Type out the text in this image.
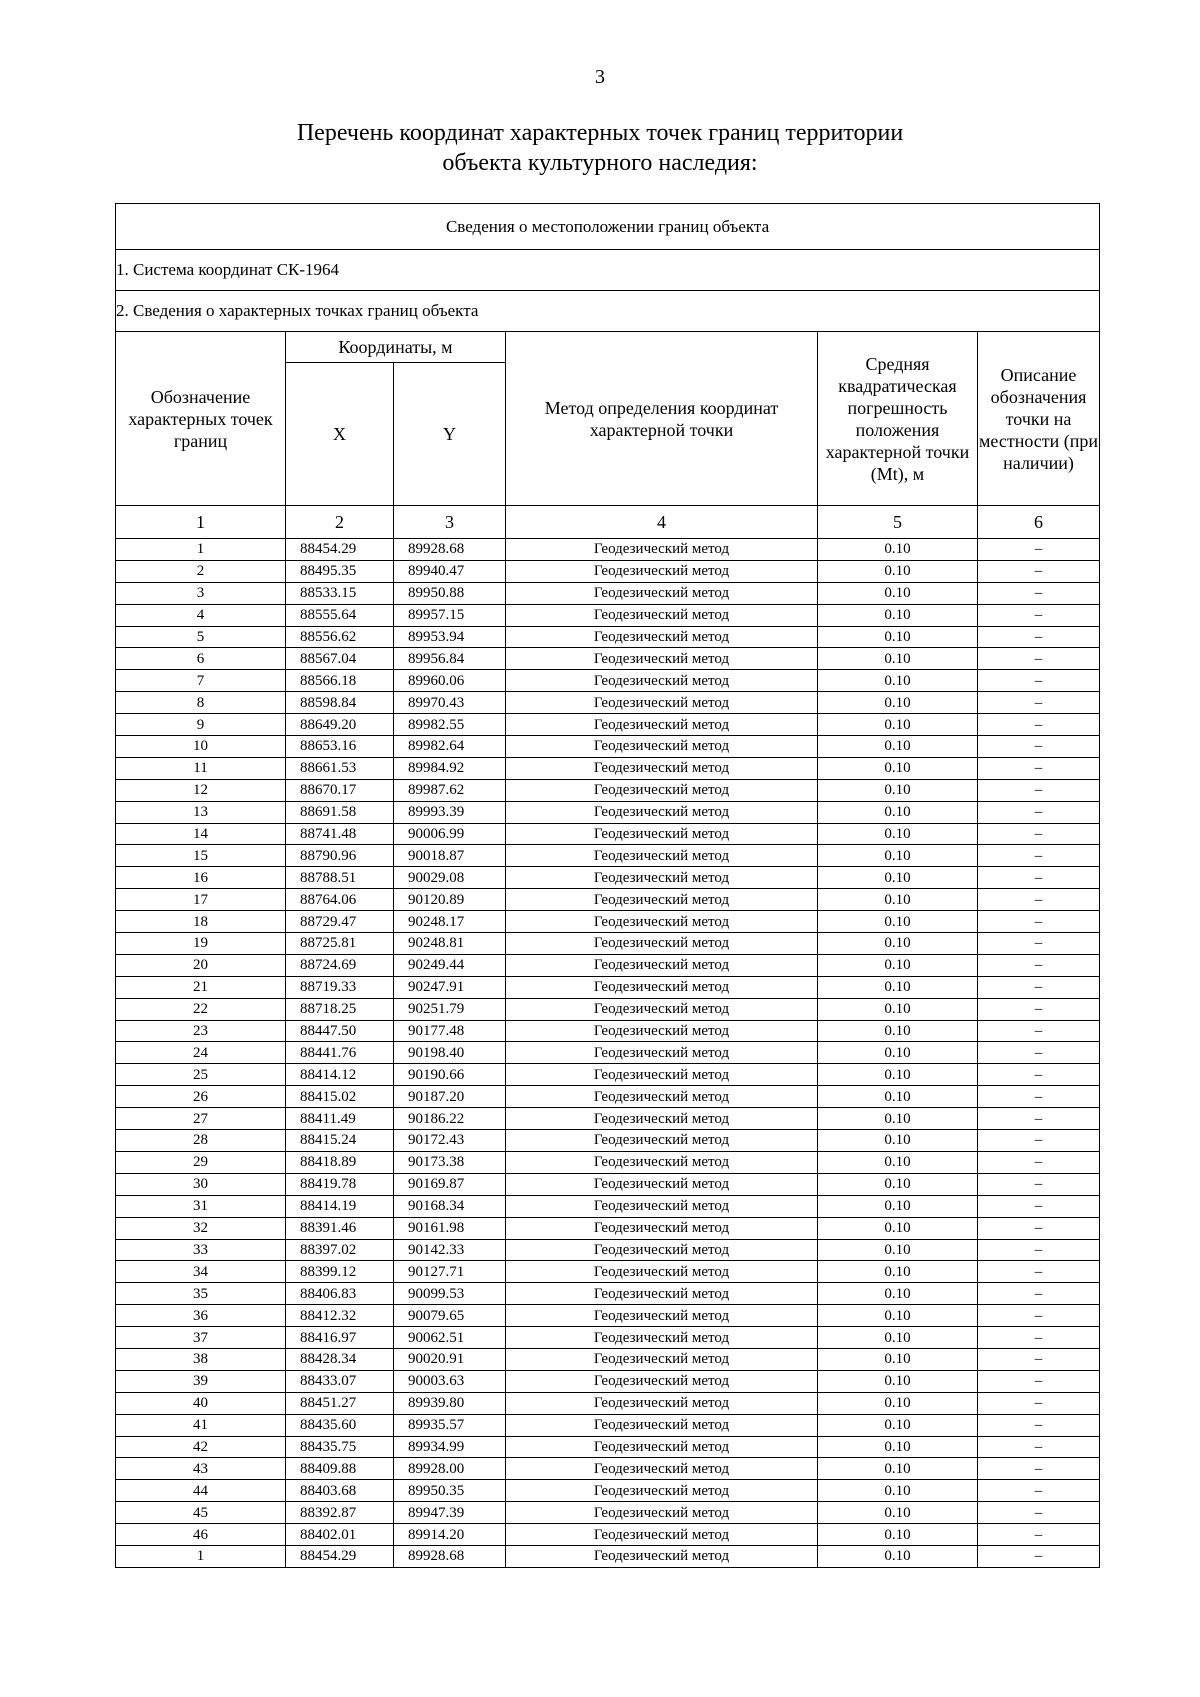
3
Перечень координат характерных точек границ территории
объекта культурного наследия:
Сведения о местоположении границ объекта					
1. Система координат СК-1964					
2. Сведения о характерных точках границ объекта					
Обозначение характерных точек границ	Координаты, м		Метод определения координат характерной точки	Средняя квадратическая погрешность положения характерной точки (Mt), м	Описание обозначения точки на местности (при наличии)
	X	Y			
1	2	3	4	5	6
1	88454.29	89928.68	Геодезический метод	0.10	–
2	88495.35	89940.47	Геодезический метод	0.10	–
3	88533.15	89950.88	Геодезический метод	0.10	–
4	88555.64	89957.15	Геодезический метод	0.10	–
5	88556.62	89953.94	Геодезический метод	0.10	–
6	88567.04	89956.84	Геодезический метод	0.10	–
7	88566.18	89960.06	Геодезический метод	0.10	–
8	88598.84	89970.43	Геодезический метод	0.10	–
9	88649.20	89982.55	Геодезический метод	0.10	–
10	88653.16	89982.64	Геодезический метод	0.10	–
11	88661.53	89984.92	Геодезический метод	0.10	–
12	88670.17	89987.62	Геодезический метод	0.10	–
13	88691.58	89993.39	Геодезический метод	0.10	–
14	88741.48	90006.99	Геодезический метод	0.10	–
15	88790.96	90018.87	Геодезический метод	0.10	–
16	88788.51	90029.08	Геодезический метод	0.10	–
17	88764.06	90120.89	Геодезический метод	0.10	–
18	88729.47	90248.17	Геодезический метод	0.10	–
19	88725.81	90248.81	Геодезический метод	0.10	–
20	88724.69	90249.44	Геодезический метод	0.10	–
21	88719.33	90247.91	Геодезический метод	0.10	–
22	88718.25	90251.79	Геодезический метод	0.10	–
23	88447.50	90177.48	Геодезический метод	0.10	–
24	88441.76	90198.40	Геодезический метод	0.10	–
25	88414.12	90190.66	Геодезический метод	0.10	–
26	88415.02	90187.20	Геодезический метод	0.10	–
27	88411.49	90186.22	Геодезический метод	0.10	–
28	88415.24	90172.43	Геодезический метод	0.10	–
29	88418.89	90173.38	Геодезический метод	0.10	–
30	88419.78	90169.87	Геодезический метод	0.10	–
31	88414.19	90168.34	Геодезический метод	0.10	–
32	88391.46	90161.98	Геодезический метод	0.10	–
33	88397.02	90142.33	Геодезический метод	0.10	–
34	88399.12	90127.71	Геодезический метод	0.10	–
35	88406.83	90099.53	Геодезический метод	0.10	–
36	88412.32	90079.65	Геодезический метод	0.10	–
37	88416.97	90062.51	Геодезический метод	0.10	–
38	88428.34	90020.91	Геодезический метод	0.10	–
39	88433.07	90003.63	Геодезический метод	0.10	–
40	88451.27	89939.80	Геодезический метод	0.10	–
41	88435.60	89935.57	Геодезический метод	0.10	–
42	88435.75	89934.99	Геодезический метод	0.10	–
43	88409.88	89928.00	Геодезический метод	0.10	–
44	88403.68	89950.35	Геодезический метод	0.10	–
45	88392.87	89947.39	Геодезический метод	0.10	–
46	88402.01	89914.20	Геодезический метод	0.10	–
1	88454.29	89928.68	Геодезический метод	0.10	–
